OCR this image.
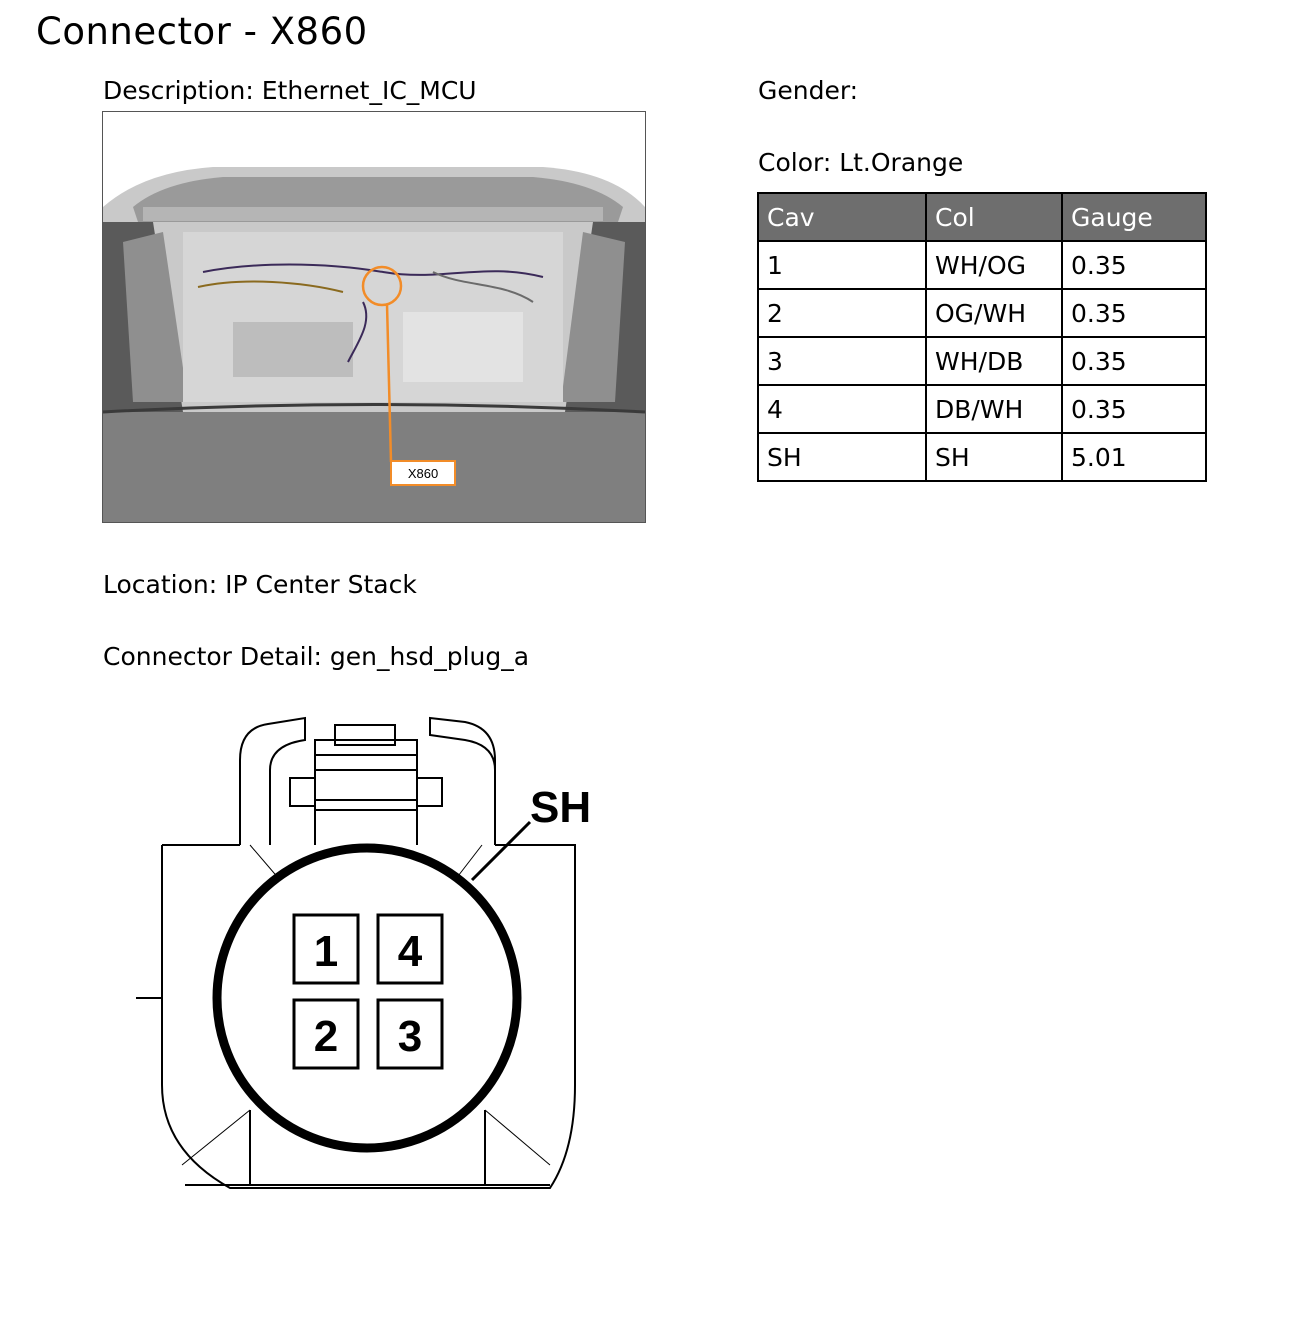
Connector - X860
Description: Ethernet_IC_MCU	Gender:
Color: Lt.Orange
X860
Cav	Col	Gauge
1	WH/OG	0.35
2	OG/WH	0.35
3	WH/DB	0.35
4	DB/WH	0.35
SH	SH	5.01
Location: IP Center Stack
Connector Detail: gen_hsd_plug_a
SH
1 4
2 3
